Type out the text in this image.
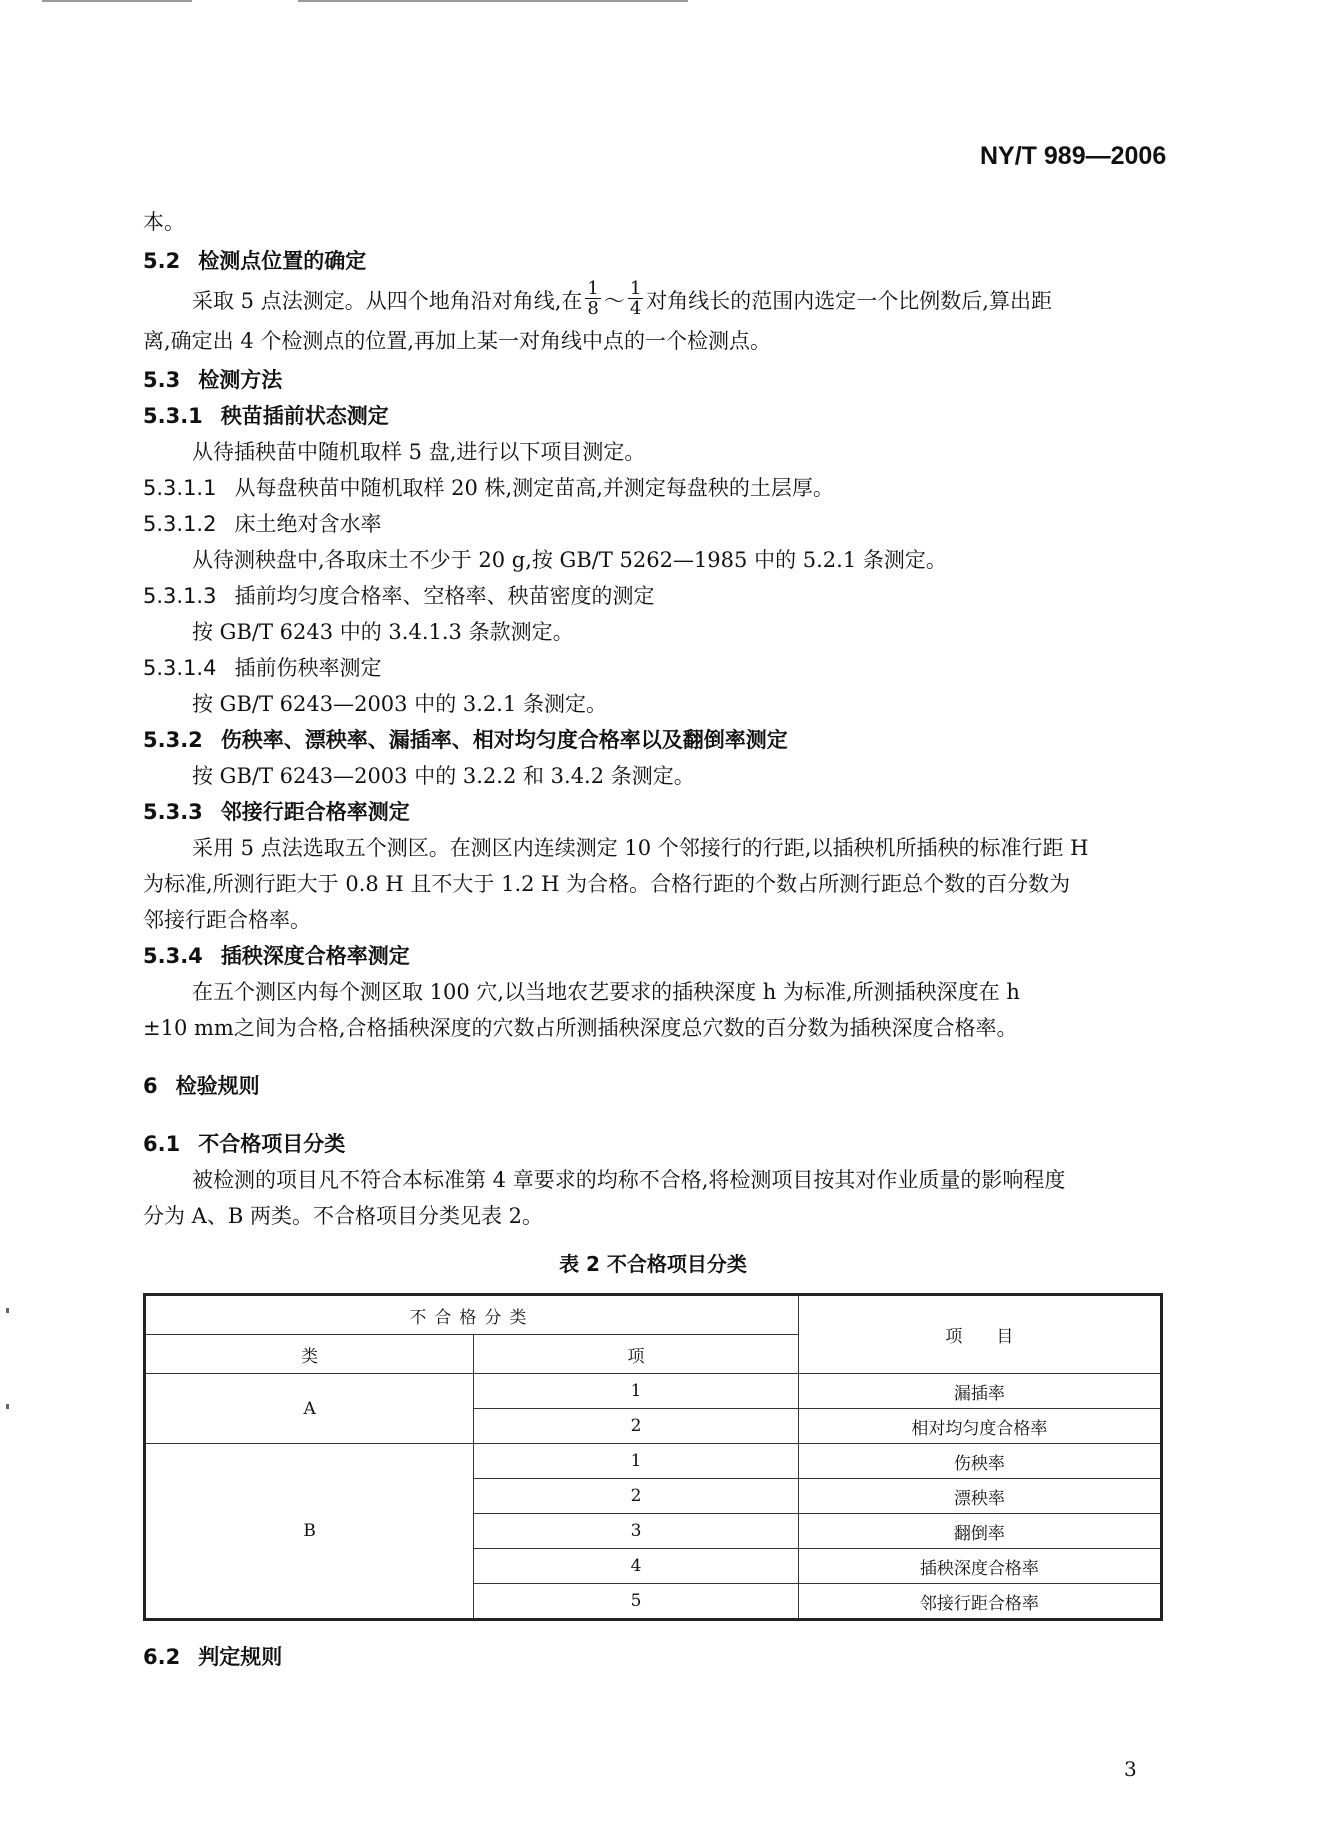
NY/T 989—2006
本。
5.2 检测点位置的确定
采取 5 点法测定。从四个地角沿对角线,在 $\frac{1}{8}$ ～ $\frac{1}{4}$ 对角线长的范围内选定一个比例数后,算出距
离,确定出 4 个检测点的位置,再加上某一对角线中点的一个检测点。
5.3 检测方法
5.3.1 秧苗插前状态测定
从待插秧苗中随机取样 5 盘,进行以下项目测定。
5.3.1.1 从每盘秧苗中随机取样 20 株,测定苗高,并测定每盘秧的土层厚。
5.3.1.2 床土绝对含水率
从待测秧盘中,各取床土不少于 20 g,按 GB/T 5262—1985 中的 5.2.1 条测定。
5.3.1.3 插前均匀度合格率、空格率、秧苗密度的测定
按 GB/T 6243 中的 3.4.1.3 条款测定。
5.3.1.4 插前伤秧率测定
按 GB/T 6243—2003 中的 3.2.1 条测定。
5.3.2 伤秧率、漂秧率、漏插率、相对均匀度合格率以及翻倒率测定
按 GB/T 6243—2003 中的 3.2.2 和 3.4.2 条测定。
5.3.3 邻接行距合格率测定
采用 5 点法选取五个测区。在测区内连续测定 10 个邻接行的行距,以插秧机所插秧的标准行距 H
为标准,所测行距大于 0.8 H 且不大于 1.2 H 为合格。合格行距的个数占所测行距总个数的百分数为
邻接行距合格率。
5.3.4 插秧深度合格率测定
在五个测区内每个测区取 100 穴,以当地农艺要求的插秧深度 h 为标准,所测插秧深度在 h
±10 mm之间为合格,合格插秧深度的穴数占所测插秧深度总穴数的百分数为插秧深度合格率。
6 检验规则
6.1 不合格项目分类
被检测的项目凡不符合本标准第 4 章要求的均称不合格,将检测项目按其对作业质量的影响程度
分为 A、B 两类。不合格项目分类见表 2。
表 2 不合格项目分类
不合格分类		项　　目
类	项	
A	1	漏插率
	2	相对均匀度合格率
B	1	伤秧率
	2	漂秧率
	3	翻倒率
	4	插秧深度合格率
	5	邻接行距合格率
6.2 判定规则
3
